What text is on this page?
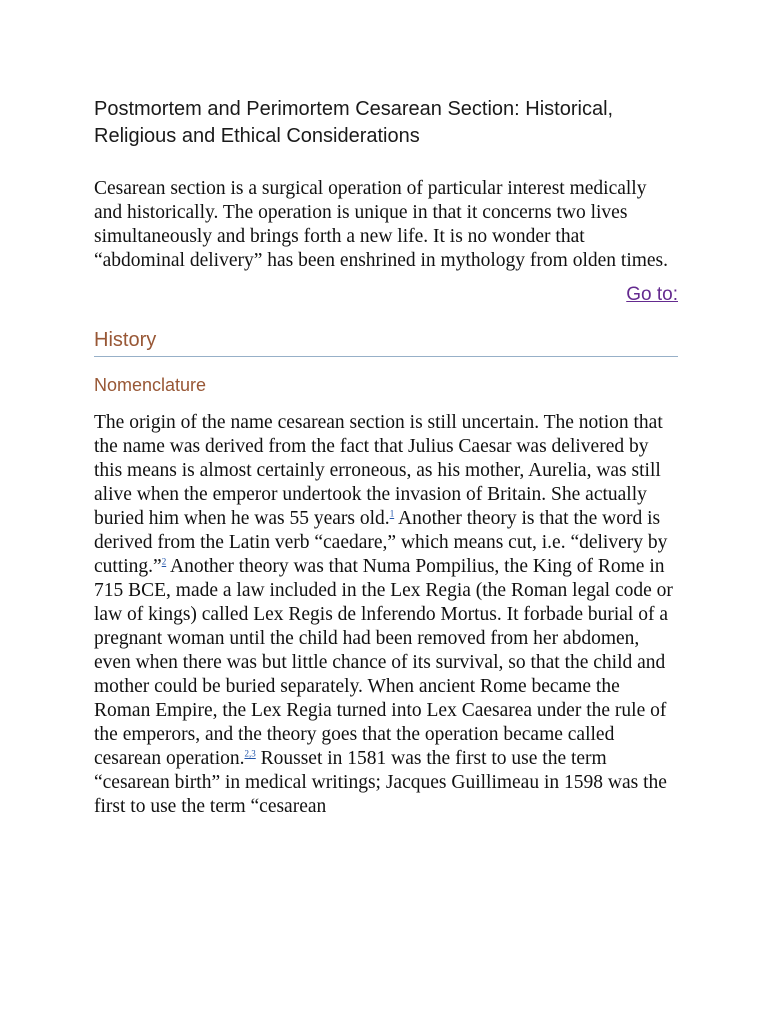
Postmortem and Perimortem Cesarean Section: Historical, Religious and Ethical Considerations

Cesarean section is a surgical operation of particular interest medically and historically. The operation is unique in that it concerns two lives simultaneously and brings forth a new life. It is no wonder that “abdominal delivery” has been enshrined in mythology from olden times.

Go to:
History
Nomenclature

The origin of the name cesarean section is still uncertain. The notion that the name was derived from the fact that Julius Caesar was delivered by this means is almost certainly erroneous, as his mother, Aurelia, was still alive when the emperor undertook the invasion of Britain. She actually buried him when he was 55 years old.$^1$ Another theory is that the word is derived from the Latin verb “caedare,” which means cut, i.e. “delivery by cutting.”$^2$ Another theory was that Numa Pompilius, the King of Rome in 715 BCE, made a law included in the Lex Regia (the Roman legal code or law of kings) called Lex Regis de lnferendo Mortus. It forbade burial of a pregnant woman until the child had been removed from her abdomen, even when there was but little chance of its survival, so that the child and mother could be buried separately. When ancient Rome became the Roman Empire, the Lex Regia turned into Lex Caesarea under the rule of the emperors, and the theory goes that the operation became called cesarean operation.$^{2,3}$ Rousset in 1581 was the first to use the term “cesarean birth” in medical writings; Jacques Guillimeau in 1598 was the first to use the term “cesarean
